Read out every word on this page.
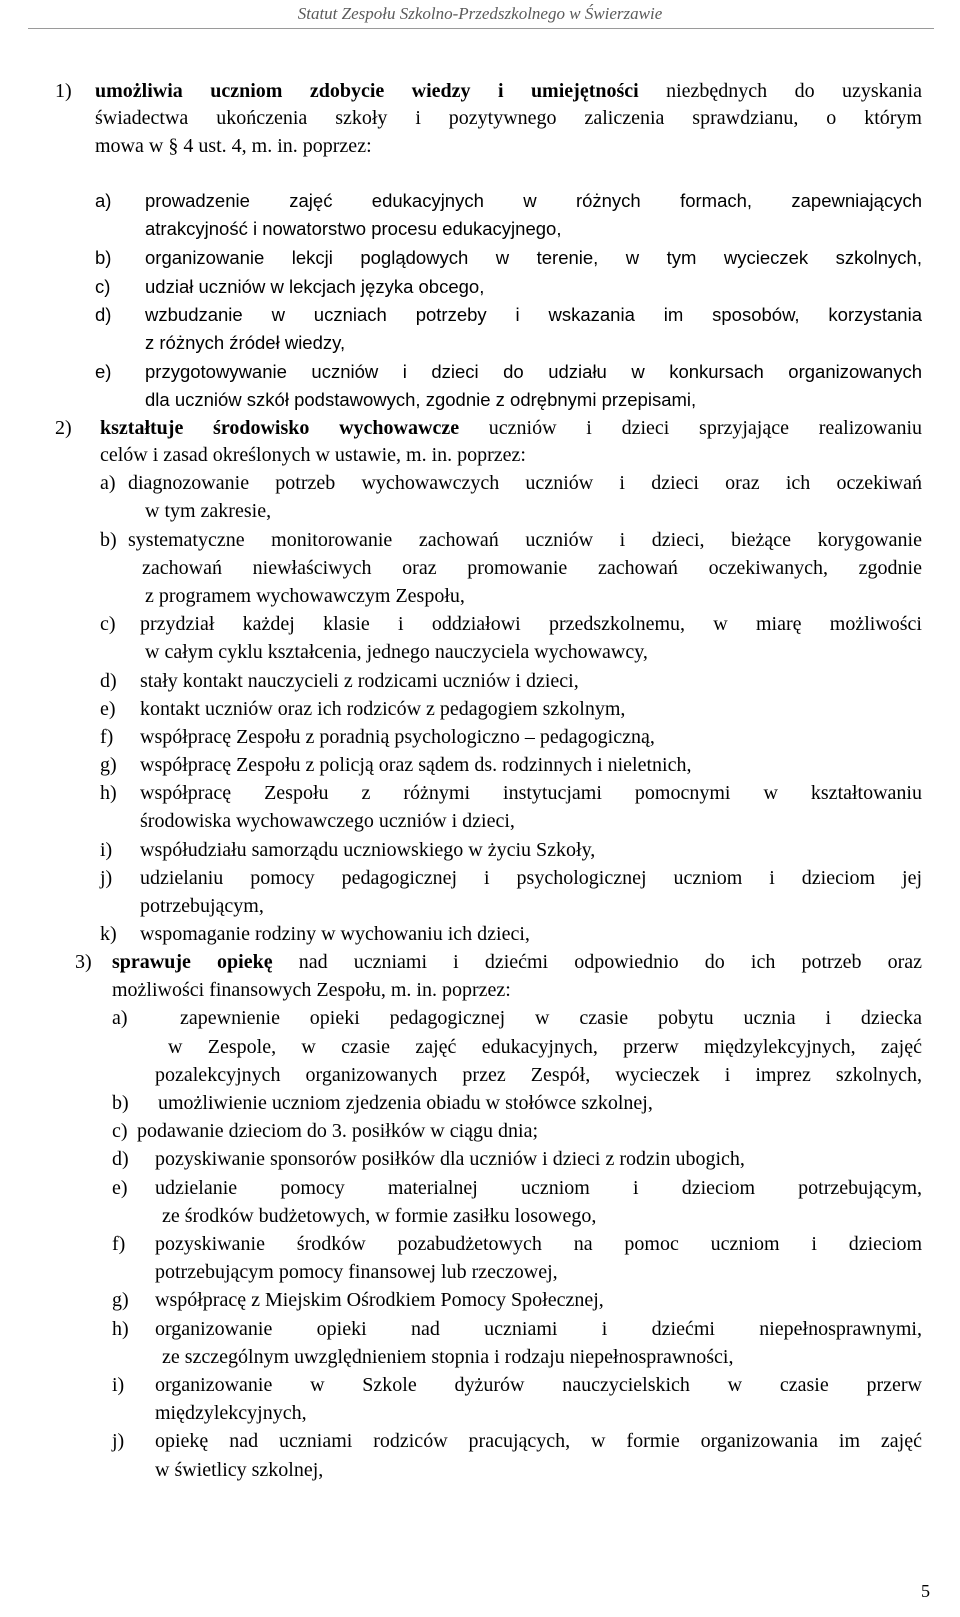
Statut Zespołu Szkolno-Przedszkolnego w Świerzawie
1) umożliwia uczniom zdobycie wiedzy i umiejętności niezbędnych do uzyskania
świadectwa ukończenia szkoły i pozytywnego zaliczenia sprawdzianu, o którym
mowa w § 4 ust. 4, m. in. poprzez:
a) prowadzenie zajęć edukacyjnych w różnych formach, zapewniających
atrakcyjność i nowatorstwo procesu edukacyjnego,
b) organizowanie lekcji poglądowych w terenie, w tym wycieczek szkolnych,
c) udział uczniów w lekcjach języka obcego,
d) wzbudzanie w uczniach potrzeby i wskazania im sposobów, korzystania
z różnych źródeł wiedzy,
e) przygotowywanie uczniów i dzieci do udziału w konkursach organizowanych
dla uczniów szkół podstawowych, zgodnie z odrębnymi przepisami,
2) kształtuje środowisko wychowawcze uczniów i dzieci sprzyjające realizowaniu
celów i zasad określonych w ustawie, m. in. poprzez:
a) diagnozowanie potrzeb wychowawczych uczniów i dzieci oraz ich oczekiwań
w tym zakresie,
b) systematyczne monitorowanie zachowań uczniów i dzieci, bieżące korygowanie
zachowań niewłaściwych oraz promowanie zachowań oczekiwanych, zgodnie
z programem wychowawczym Zespołu,
c) przydział każdej klasie i oddziałowi przedszkolnemu, w miarę możliwości
w całym cyklu kształcenia, jednego nauczyciela wychowawcy,
d) stały kontakt nauczycieli z rodzicami uczniów i dzieci,
e) kontakt uczniów oraz ich rodziców z pedagogiem szkolnym,
f) współpracę Zespołu z poradnią psychologiczno – pedagogiczną,
g) współpracę Zespołu z policją oraz sądem ds. rodzinnych i nieletnich,
h) współpracę Zespołu z różnymi instytucjami pomocnymi w kształtowaniu
środowiska wychowawczego uczniów i dzieci,
i) współudziału samorządu uczniowskiego w życiu Szkoły,
j) udzielaniu pomocy pedagogicznej i psychologicznej uczniom i dzieciom jej
potrzebującym,
k) wspomaganie rodziny w wychowaniu ich dzieci,
3) sprawuje opiekę nad uczniami i dziećmi odpowiednio do ich potrzeb oraz
możliwości finansowych Zespołu, m. in. poprzez:
a)	zapewnienie opieki pedagogicznej w czasie pobytu ucznia i dziecka
w Zespole, w czasie zajęć edukacyjnych, przerw międzylekcyjnych, zajęć
pozalekcyjnych organizowanych przez Zespół, wycieczek i imprez szkolnych,
b) umożliwienie uczniom zjedzenia obiadu w stołówce szkolnej,
c) podawanie dzieciom do 3. posiłków w ciągu dnia;
d) pozyskiwanie sponsorów posiłków dla uczniów i dzieci z rodzin ubogich,
e) udzielanie pomocy materialnej uczniom i dzieciom potrzebującym,
ze środków budżetowych, w formie zasiłku losowego,
f) pozyskiwanie środków pozabudżetowych na pomoc uczniom i dzieciom
potrzebującym pomocy finansowej lub rzeczowej,
g) współpracę z Miejskim Ośrodkiem Pomocy Społecznej,
h) organizowanie opieki nad uczniami i dziećmi niepełnosprawnymi,
ze szczególnym uwzględnieniem stopnia i rodzaju niepełnosprawności,
i) organizowanie w Szkole dyżurów nauczycielskich w czasie przerw
międzylekcyjnych,
j) opiekę nad uczniami rodziców pracujących, w formie organizowania im zajęć
w świetlicy szkolnej,
5
